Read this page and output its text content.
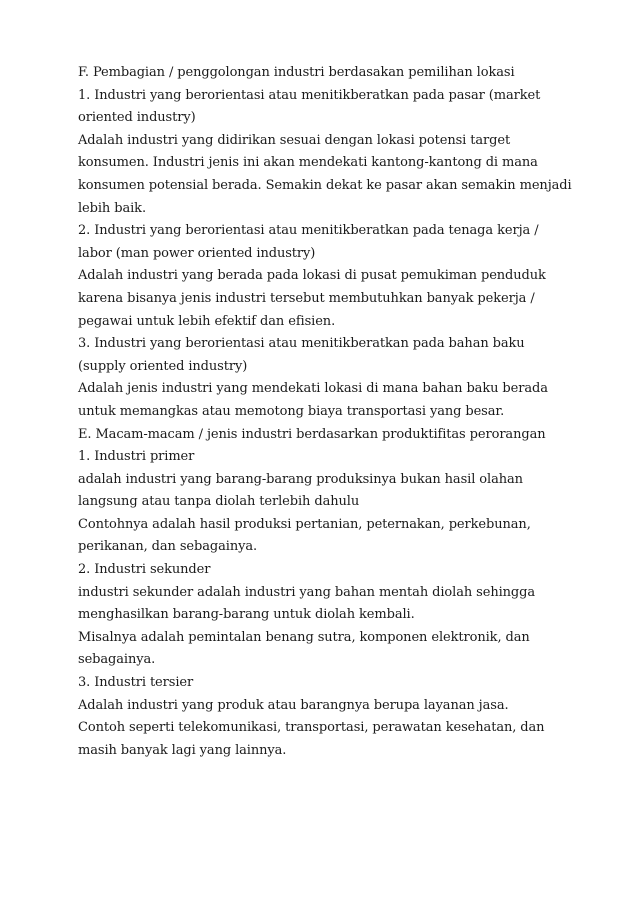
F. Pembagian / penggolongan industri berdasakan pemilihan lokasi
1. Industri yang berorientasi atau menitikberatkan pada pasar (market
oriented industry)
Adalah industri yang didirikan sesuai dengan lokasi potensi target
konsumen. Industri jenis ini akan mendekati kantong-kantong di mana
konsumen potensial berada. Semakin dekat ke pasar akan semakin menjadi
lebih baik.
2. Industri yang berorientasi atau menitikberatkan pada tenaga kerja /
labor (man power oriented industry)
Adalah industri yang berada pada lokasi di pusat pemukiman penduduk
karena bisanya jenis industri tersebut membutuhkan banyak pekerja /
pegawai untuk lebih efektif dan efisien.
3. Industri yang berorientasi atau menitikberatkan pada bahan baku
(supply oriented industry)
Adalah jenis industri yang mendekati lokasi di mana bahan baku berada
untuk memangkas atau memotong biaya transportasi yang besar.
E. Macam-macam / jenis industri berdasarkan produktifitas perorangan
1. Industri primer
adalah industri yang barang-barang produksinya bukan hasil olahan
langsung atau tanpa diolah terlebih dahulu
Contohnya adalah hasil produksi pertanian, peternakan, perkebunan,
perikanan, dan sebagainya.
2. Industri sekunder
industri sekunder adalah industri yang bahan mentah diolah sehingga
menghasilkan barang-barang untuk diolah kembali.
Misalnya adalah pemintalan benang sutra, komponen elektronik, dan
sebagainya.
3. Industri tersier
Adalah industri yang produk atau barangnya berupa layanan jasa.
Contoh seperti telekomunikasi, transportasi, perawatan kesehatan, dan
masih banyak lagi yang lainnya.
